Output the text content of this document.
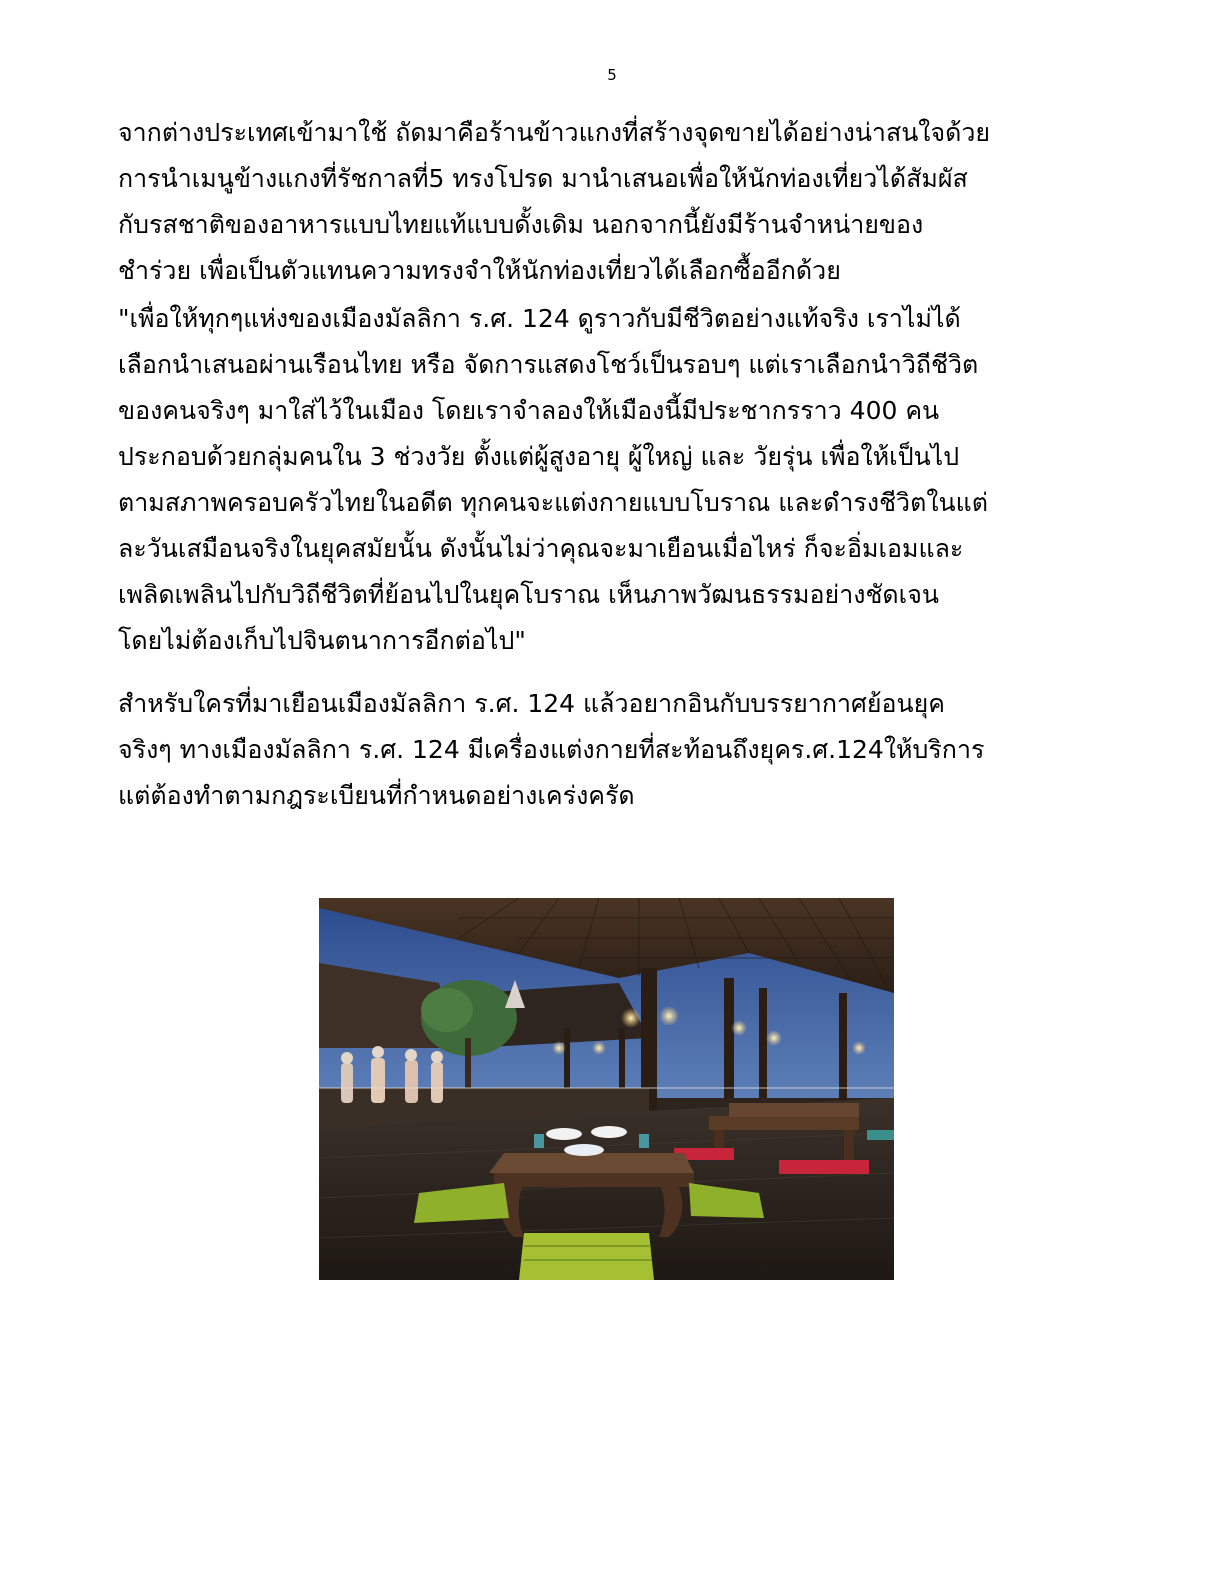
5
จากต่างประเทศเข้ามาใช้ ถัดมาคือร้านข้าวแกงที่สร้างจุดขายได้อย่างน่าสนใจด้วย
การนำเมนูข้างแกงที่รัชกาลที่5 ทรงโปรด มานำเสนอเพื่อให้นักท่องเที่ยวได้สัมผัส
กับรสชาติของอาหารแบบไทยแท้แบบดั้งเดิม นอกจากนี้ยังมีร้านจำหน่ายของ
ชำร่วย เพื่อเป็นตัวแทนความทรงจำให้นักท่องเที่ยวได้เลือกซื้ออีกด้วย
"เพื่อให้ทุกๆแห่งของเมืองมัลลิกา ร.ศ. 124 ดูราวกับมีชีวิตอย่างแท้จริง เราไม่ได้
เลือกนำเสนอผ่านเรือนไทย หรือ จัดการแสดงโชว์เป็นรอบๆ แต่เราเลือกนำวิถีชีวิต
ของคนจริงๆ มาใส่ไว้ในเมือง โดยเราจำลองให้เมืองนี้มีประชากรราว 400 คน
ประกอบด้วยกลุ่มคนใน 3 ช่วงวัย ตั้งแต่ผู้สูงอายุ ผู้ใหญ่ และ วัยรุ่น เพื่อให้เป็นไป
ตามสภาพครอบครัวไทยในอดีต ทุกคนจะแต่งกายแบบโบราณ และดำรงชีวิตในแต่
ละวันเสมือนจริงในยุคสมัยนั้น ดังนั้นไม่ว่าคุณจะมาเยือนเมื่อไหร่ ก็จะอิ่มเอมและ
เพลิดเพลินไปกับวิถีชีวิตที่ย้อนไปในยุคโบราณ เห็นภาพวัฒนธรรมอย่างชัดเจน
โดยไม่ต้องเก็บไปจินตนาการอีกต่อไป"
สำหรับใครที่มาเยือนเมืองมัลลิกา ร.ศ. 124 แล้วอยากอินกับบรรยากาศย้อนยุค
จริงๆ ทางเมืองมัลลิกา ร.ศ. 124 มีเครื่องแต่งกายที่สะท้อนถึงยุคร.ศ.124ให้บริการ
แต่ต้องทำตามกฎระเบียนที่กำหนดอย่างเคร่งครัด
